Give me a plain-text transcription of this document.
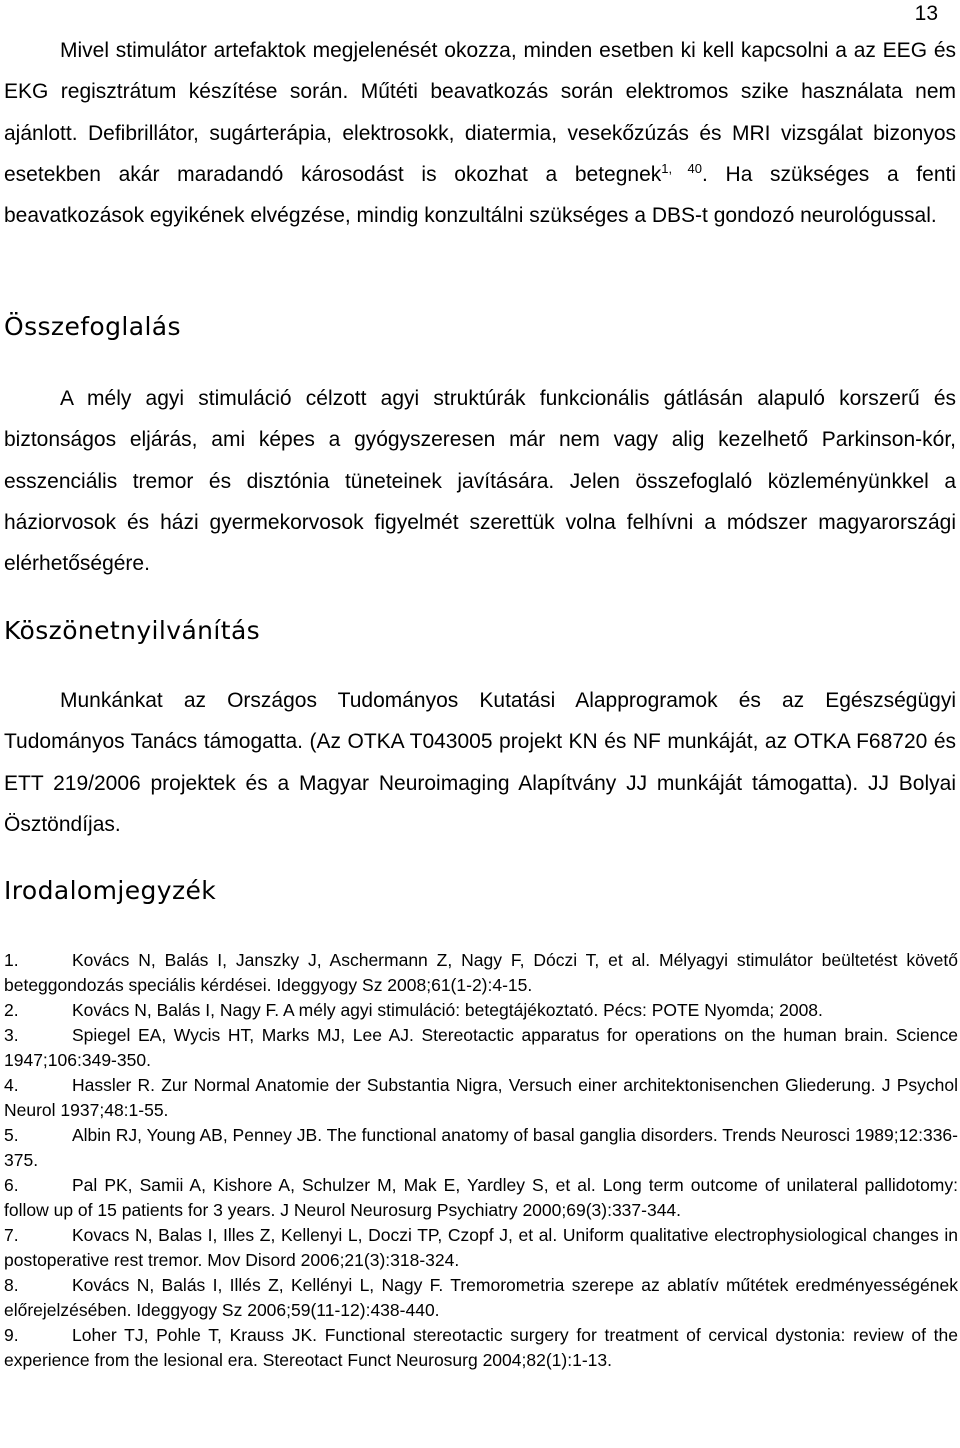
13

Mivel stimulátor artefaktok megjelenését okozza, minden esetben ki kell kapcsolni a az EEG és EKG regisztrátum készítése során. Műtéti beavatkozás során elektromos szike használata nem ajánlott. Defibrillátor, sugárterápia, elektrosokk, diatermia, vesekőzúzás és MRI vizsgálat bizonyos esetekben akár maradandó károsodást is okozhat a betegnek$^{1, 40}$. Ha szükséges a fenti beavatkozások egyikének elvégzése, mindig konzultálni szükséges a DBS-t gondozó neurológussal.

Összefoglalás

A mély agyi stimuláció célzott agyi struktúrák funkcionális gátlásán alapuló korszerű és biztonságos eljárás, ami képes a gyógyszeresen már nem vagy alig kezelhető Parkinson-kór, esszenciális tremor és disztónia tüneteinek javítására. Jelen összefoglaló közleményünkkel a háziorvosok és házi gyermekorvosok figyelmét szerettük volna felhívni a módszer magyarországi elérhetőségére.

Köszönetnyilvánítás

Munkánkat az Országos Tudományos Kutatási Alapprogramok és az Egészségügyi Tudományos Tanács támogatta. (Az OTKA T043005 projekt KN és NF munkáját, az OTKA F68720 és ETT 219/2006 projektek és a Magyar Neuroimaging Alapítvány JJ munkáját támogatta). JJ Bolyai Ösztöndíjas.

Irodalomjegyzék
1.	Kovács N, Balás I, Janszky J, Aschermann Z, Nagy F, Dóczi T, et al. Mélyagyi stimulátor beültetést követő beteggondozás speciális kérdései. Ideggyogy Sz 2008;61(1-2):4-15.
2.	Kovács N, Balás I, Nagy F. A mély agyi stimuláció: betegtájékoztató. Pécs: POTE Nyomda; 2008.
3.	Spiegel EA, Wycis HT, Marks MJ, Lee AJ. Stereotactic apparatus for operations on the human brain. Science 1947;106:349-350.
4.	Hassler R. Zur Normal Anatomie der Substantia Nigra, Versuch einer architektonisenchen Gliederung. J Psychol Neurol 1937;48:1-55.
5.	Albin RJ, Young AB, Penney JB. The functional anatomy of basal ganglia disorders. Trends Neurosci 1989;12:336-375.
6.	Pal PK, Samii A, Kishore A, Schulzer M, Mak E, Yardley S, et al. Long term outcome of unilateral pallidotomy: follow up of 15 patients for 3 years. J Neurol Neurosurg Psychiatry 2000;69(3):337-344.
7.	Kovacs N, Balas I, Illes Z, Kellenyi L, Doczi TP, Czopf J, et al. Uniform qualitative electrophysiological changes in postoperative rest tremor. Mov Disord 2006;21(3):318-324.
8.	Kovács N, Balás I, Illés Z, Kellényi L, Nagy F. Tremorometria szerepe az ablatív műtétek eredményességének előrejelzésében. Ideggyogy Sz 2006;59(11-12):438-440.
9.	Loher TJ, Pohle T, Krauss JK. Functional stereotactic surgery for treatment of cervical dystonia: review of the experience from the lesional era. Stereotact Funct Neurosurg 2004;82(1):1-13.
